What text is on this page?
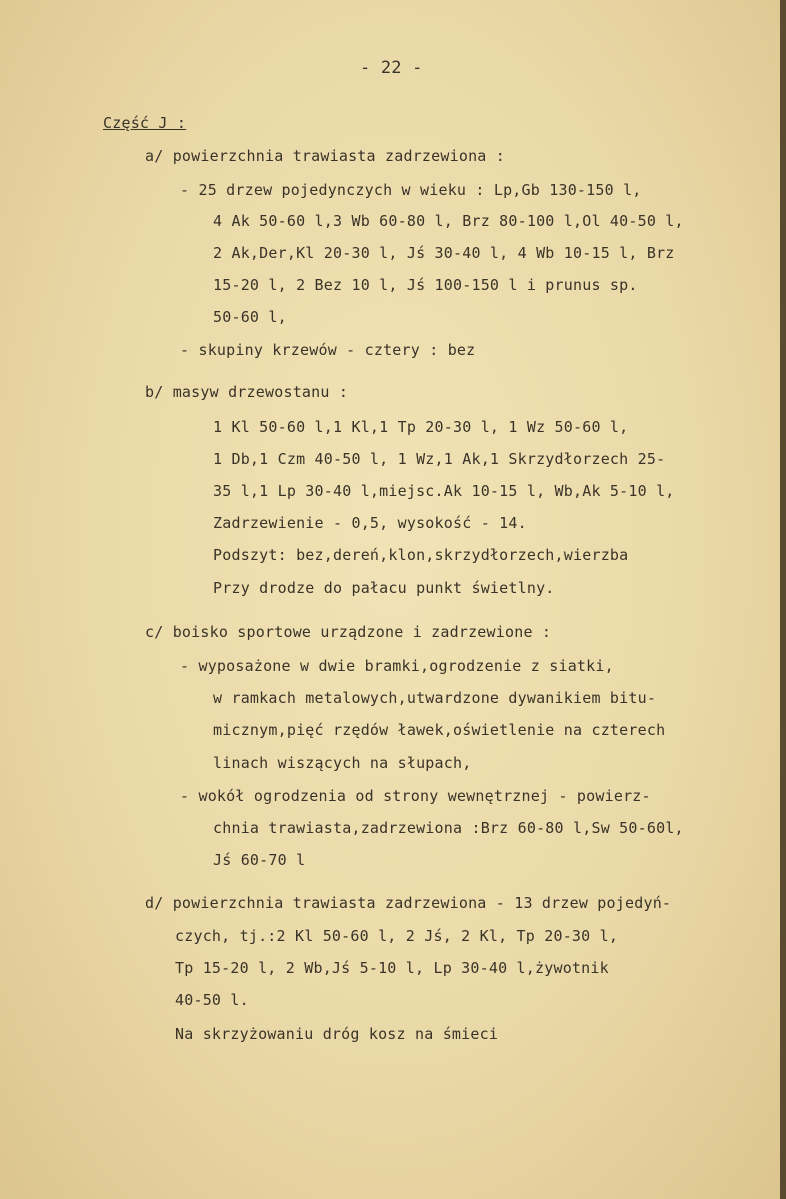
- 22 -
Część J :
a/ powierzchnia trawiasta zadrzewiona :
- 25 drzew pojedynczych w wieku : Lp,Gb 130-150 l,
4 Ak 50-60 l,3 Wb 60-80 l, Brz 80-100 l,Ol 40-50 l,
2 Ak,Der,Kl 20-30 l, Jś 30-40 l, 4 Wb 10-15 l, Brz
15-20 l, 2 Bez 10 l, Jś 100-150 l i prunus sp.
50-60 l,
- skupiny krzewów - cztery : bez
b/ masyw drzewostanu :
1 Kl 50-60 l,1 Kl,1 Tp 20-30 l, 1 Wz 50-60 l,
1 Db,1 Czm 40-50 l, 1 Wz,1 Ak,1 Skrzydłorzech 25-
35 l,1 Lp 30-40 l,miejsc.Ak 10-15 l, Wb,Ak 5-10 l,
Zadrzewienie - 0,5, wysokość - 14.
Podszyt: bez,dereń,klon,skrzydłorzech,wierzba
Przy drodze do pałacu punkt świetlny.
c/ boisko sportowe urządzone i zadrzewione :
- wyposażone w dwie bramki,ogrodzenie z siatki,
w ramkach metalowych,utwardzone dywanikiem bitu-
micznym,pięć rzędów ławek,oświetlenie na czterech
linach wiszących na słupach,
- wokół ogrodzenia od strony wewnętrznej - powierz-
chnia trawiasta,zadrzewiona :Brz 60-80 l,Sw 50-60l,
Jś 60-70 l
d/ powierzchnia trawiasta zadrzewiona - 13 drzew pojedyń-
czych, tj.:2 Kl 50-60 l, 2 Jś, 2 Kl, Tp 20-30 l,
Tp 15-20 l, 2 Wb,Jś 5-10 l, Lp 30-40 l,żywotnik
40-50 l.
Na skrzyżowaniu dróg kosz na śmieci
